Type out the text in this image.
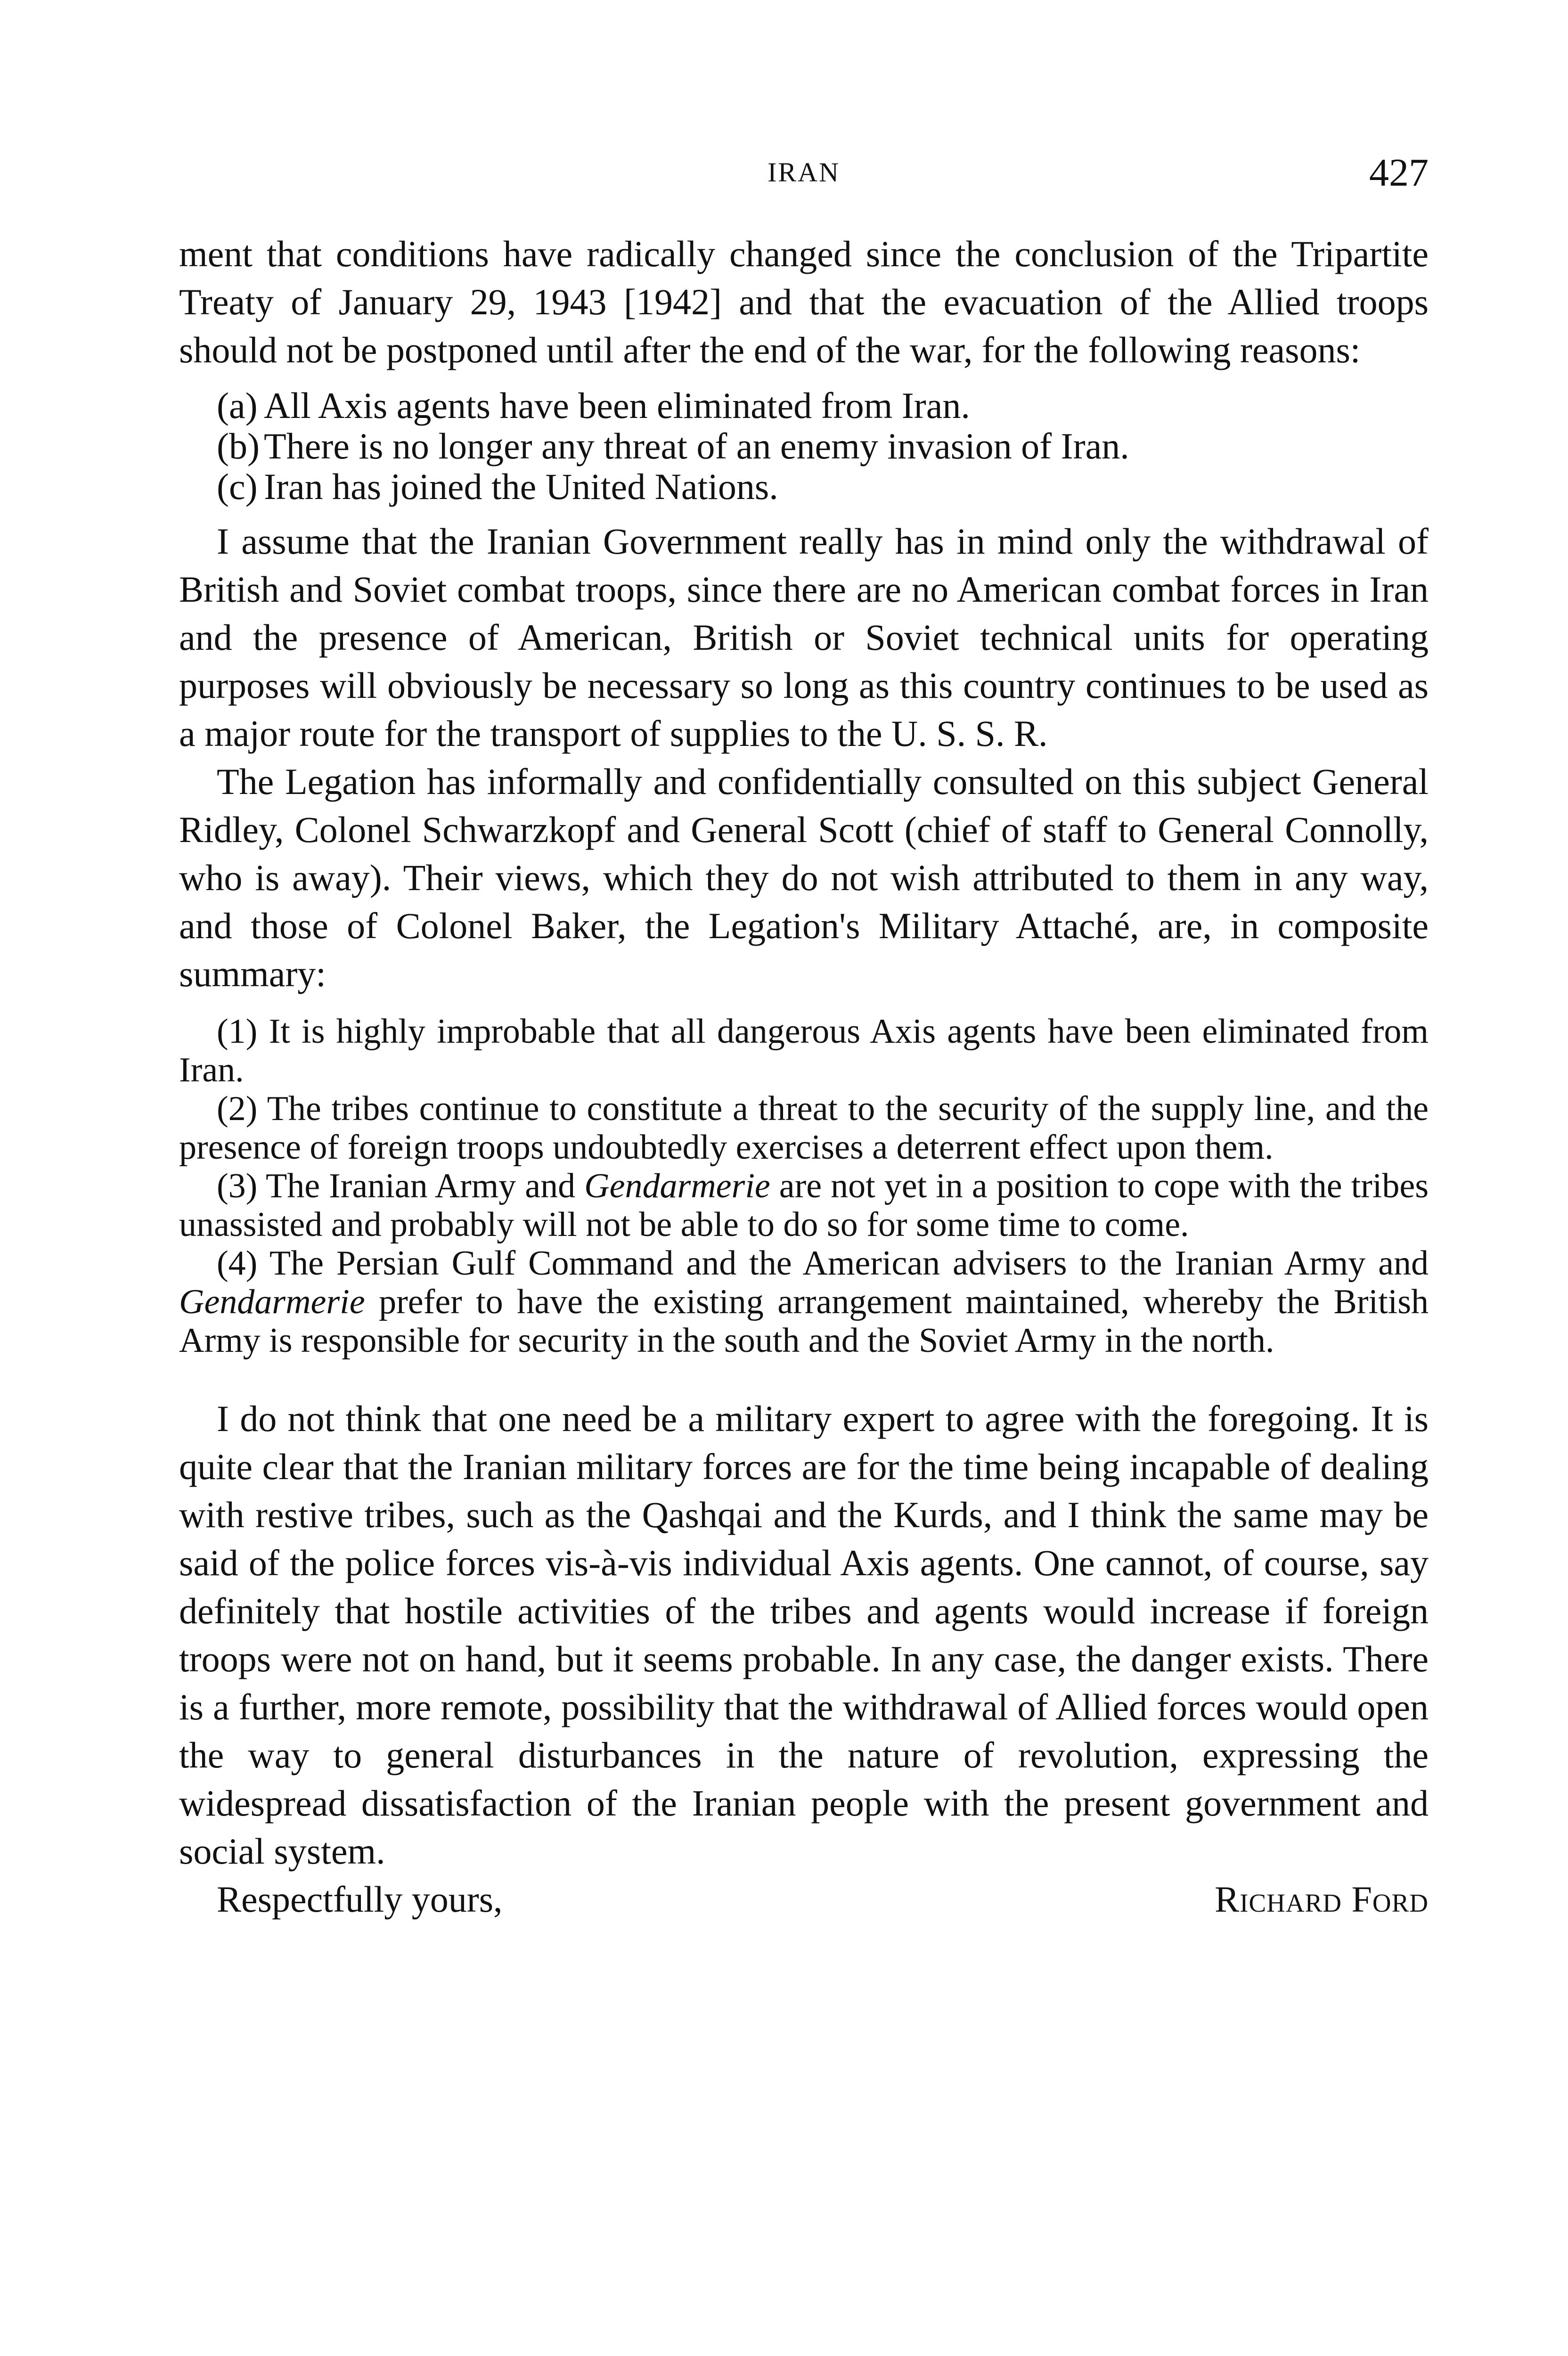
IRAN	427

ment that conditions have radically changed since the conclusion of the Tripartite Treaty of January 29, 1943 [1942] and that the evacuation of the Allied troops should not be postponed until after the end of the war, for the following reasons:

(a) All Axis agents have been eliminated from Iran.
(b) There is no longer any threat of an enemy invasion of Iran.
(c) Iran has joined the United Nations.

I assume that the Iranian Government really has in mind only the withdrawal of British and Soviet combat troops, since there are no American combat forces in Iran and the presence of American, British or Soviet technical units for operating purposes will obviously be necessary so long as this country continues to be used as a major route for the transport of supplies to the U. S. S. R.

The Legation has informally and confidentially consulted on this subject General Ridley, Colonel Schwarzkopf and General Scott (chief of staff to General Connolly, who is away). Their views, which they do not wish attributed to them in any way, and those of Colonel Baker, the Legation's Military Attaché, are, in composite summary:

(1) It is highly improbable that all dangerous Axis agents have been eliminated from Iran.

(2) The tribes continue to constitute a threat to the security of the supply line, and the presence of foreign troops undoubtedly exercises a deterrent effect upon them.

(3) The Iranian Army and Gendarmerie are not yet in a position to cope with the tribes unassisted and probably will not be able to do so for some time to come.

(4) The Persian Gulf Command and the American advisers to the Iranian Army and Gendarmerie prefer to have the existing arrangement maintained, whereby the British Army is responsible for security in the south and the Soviet Army in the north.

I do not think that one need be a military expert to agree with the foregoing. It is quite clear that the Iranian military forces are for the time being incapable of dealing with restive tribes, such as the Qashqai and the Kurds, and I think the same may be said of the police forces vis-à-vis individual Axis agents. One cannot, of course, say definitely that hostile activities of the tribes and agents would increase if foreign troops were not on hand, but it seems probable. In any case, the danger exists. There is a further, more remote, possibility that the withdrawal of Allied forces would open the way to general disturbances in the nature of revolution, expressing the widespread dissatisfaction of the Iranian people with the present government and social system.

Respectfully yours,	Richard Ford
